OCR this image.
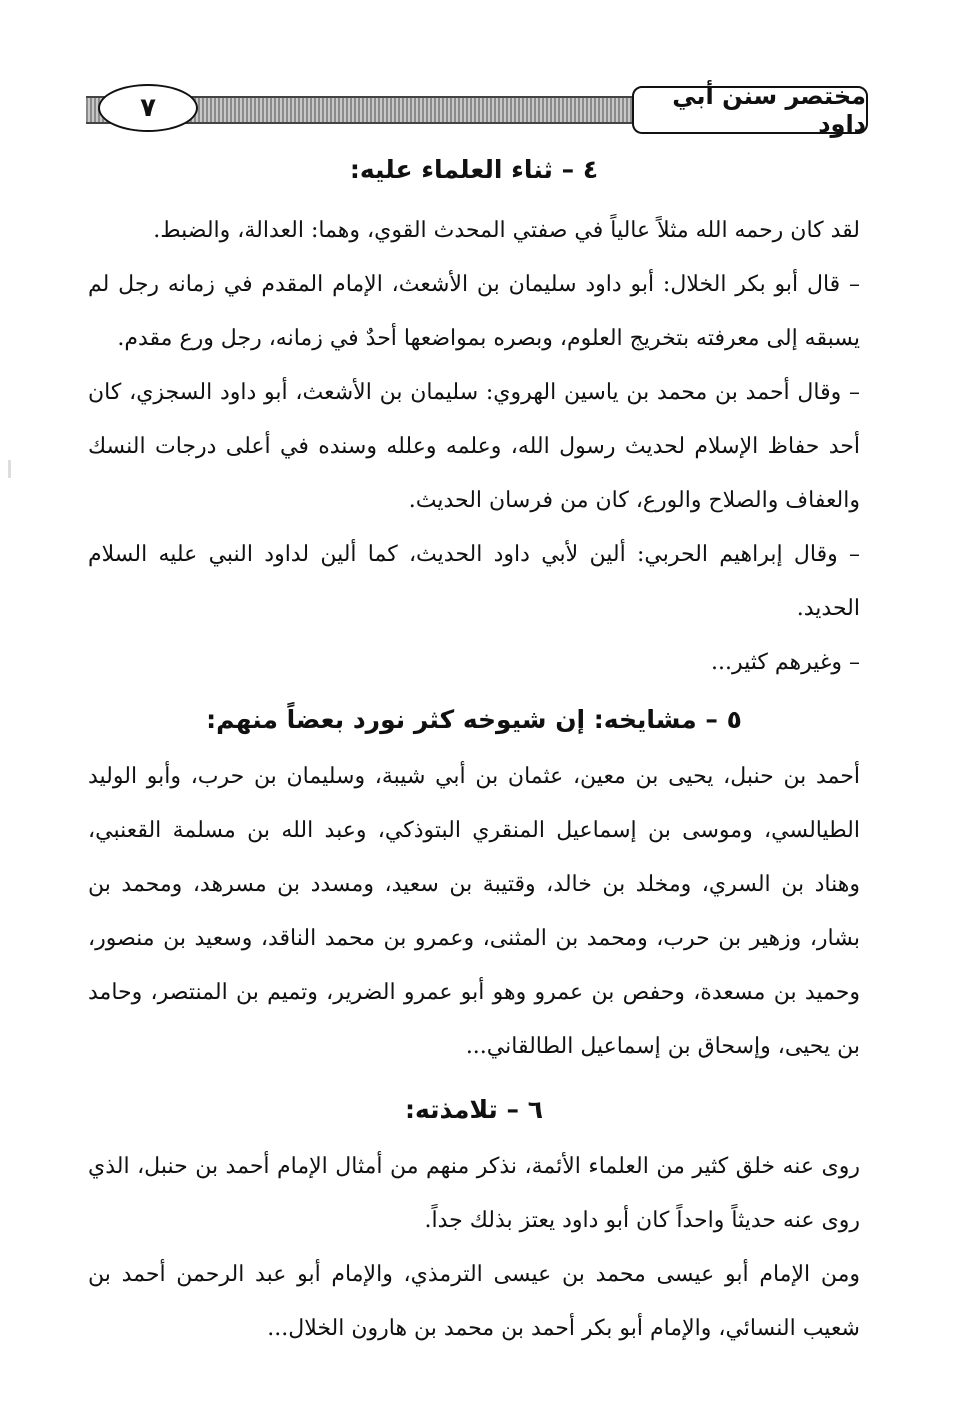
٧	مختصر سنن أبي داود
٤ – ثناء العلماء عليه:

لقد كان رحمه الله مثلاً عالياً في صفتي المحدث القوي، وهما: العدالة، والضبط.

– قال أبو بكر الخلال: أبو داود سليمان بن الأشعث، الإمام المقدم في زمانه رجل لم يسبقه إلى معرفته بتخريج العلوم، وبصره بمواضعها أحدٌ في زمانه، رجل ورع مقدم.

– وقال أحمد بن محمد بن ياسين الهروي: سليمان بن الأشعث، أبو داود السجزي، كان أحد حفاظ الإسلام لحديث رسول الله، وعلمه وعلله وسنده في أعلى درجات النسك والعفاف والصلاح والورع، كان من فرسان الحديث.

– وقال إبراهيم الحربي: ألين لأبي داود الحديث، كما ألين لداود النبي عليه السلام الحديد.

– وغيرهم كثير...

٥ – مشايخه: إن شيوخه كثر نورد بعضاً منهم:

أحمد بن حنبل، يحيى بن معين، عثمان بن أبي شيبة، وسليمان بن حرب، وأبو الوليد الطيالسي، وموسى بن إسماعيل المنقري البتوذكي، وعبد الله بن مسلمة القعنبي، وهناد بن السري، ومخلد بن خالد، وقتيبة بن سعيد، ومسدد بن مسرهد، ومحمد بن بشار، وزهير بن حرب، ومحمد بن المثنى، وعمرو بن محمد الناقد، وسعيد بن منصور، وحميد بن مسعدة، وحفص بن عمرو وهو أبو عمرو الضرير، وتميم بن المنتصر، وحامد بن يحيى، وإسحاق بن إسماعيل الطالقاني...

٦ – تلامذته:

روى عنه خلق كثير من العلماء الأئمة، نذكر منهم من أمثال الإمام أحمد بن حنبل، الذي روى عنه حديثاً واحداً كان أبو داود يعتز بذلك جداً.

ومن الإمام أبو عيسى محمد بن عيسى الترمذي، والإمام أبو عبد الرحمن أحمد بن شعيب النسائي، والإمام أبو بكر أحمد بن محمد بن هارون الخلال...
